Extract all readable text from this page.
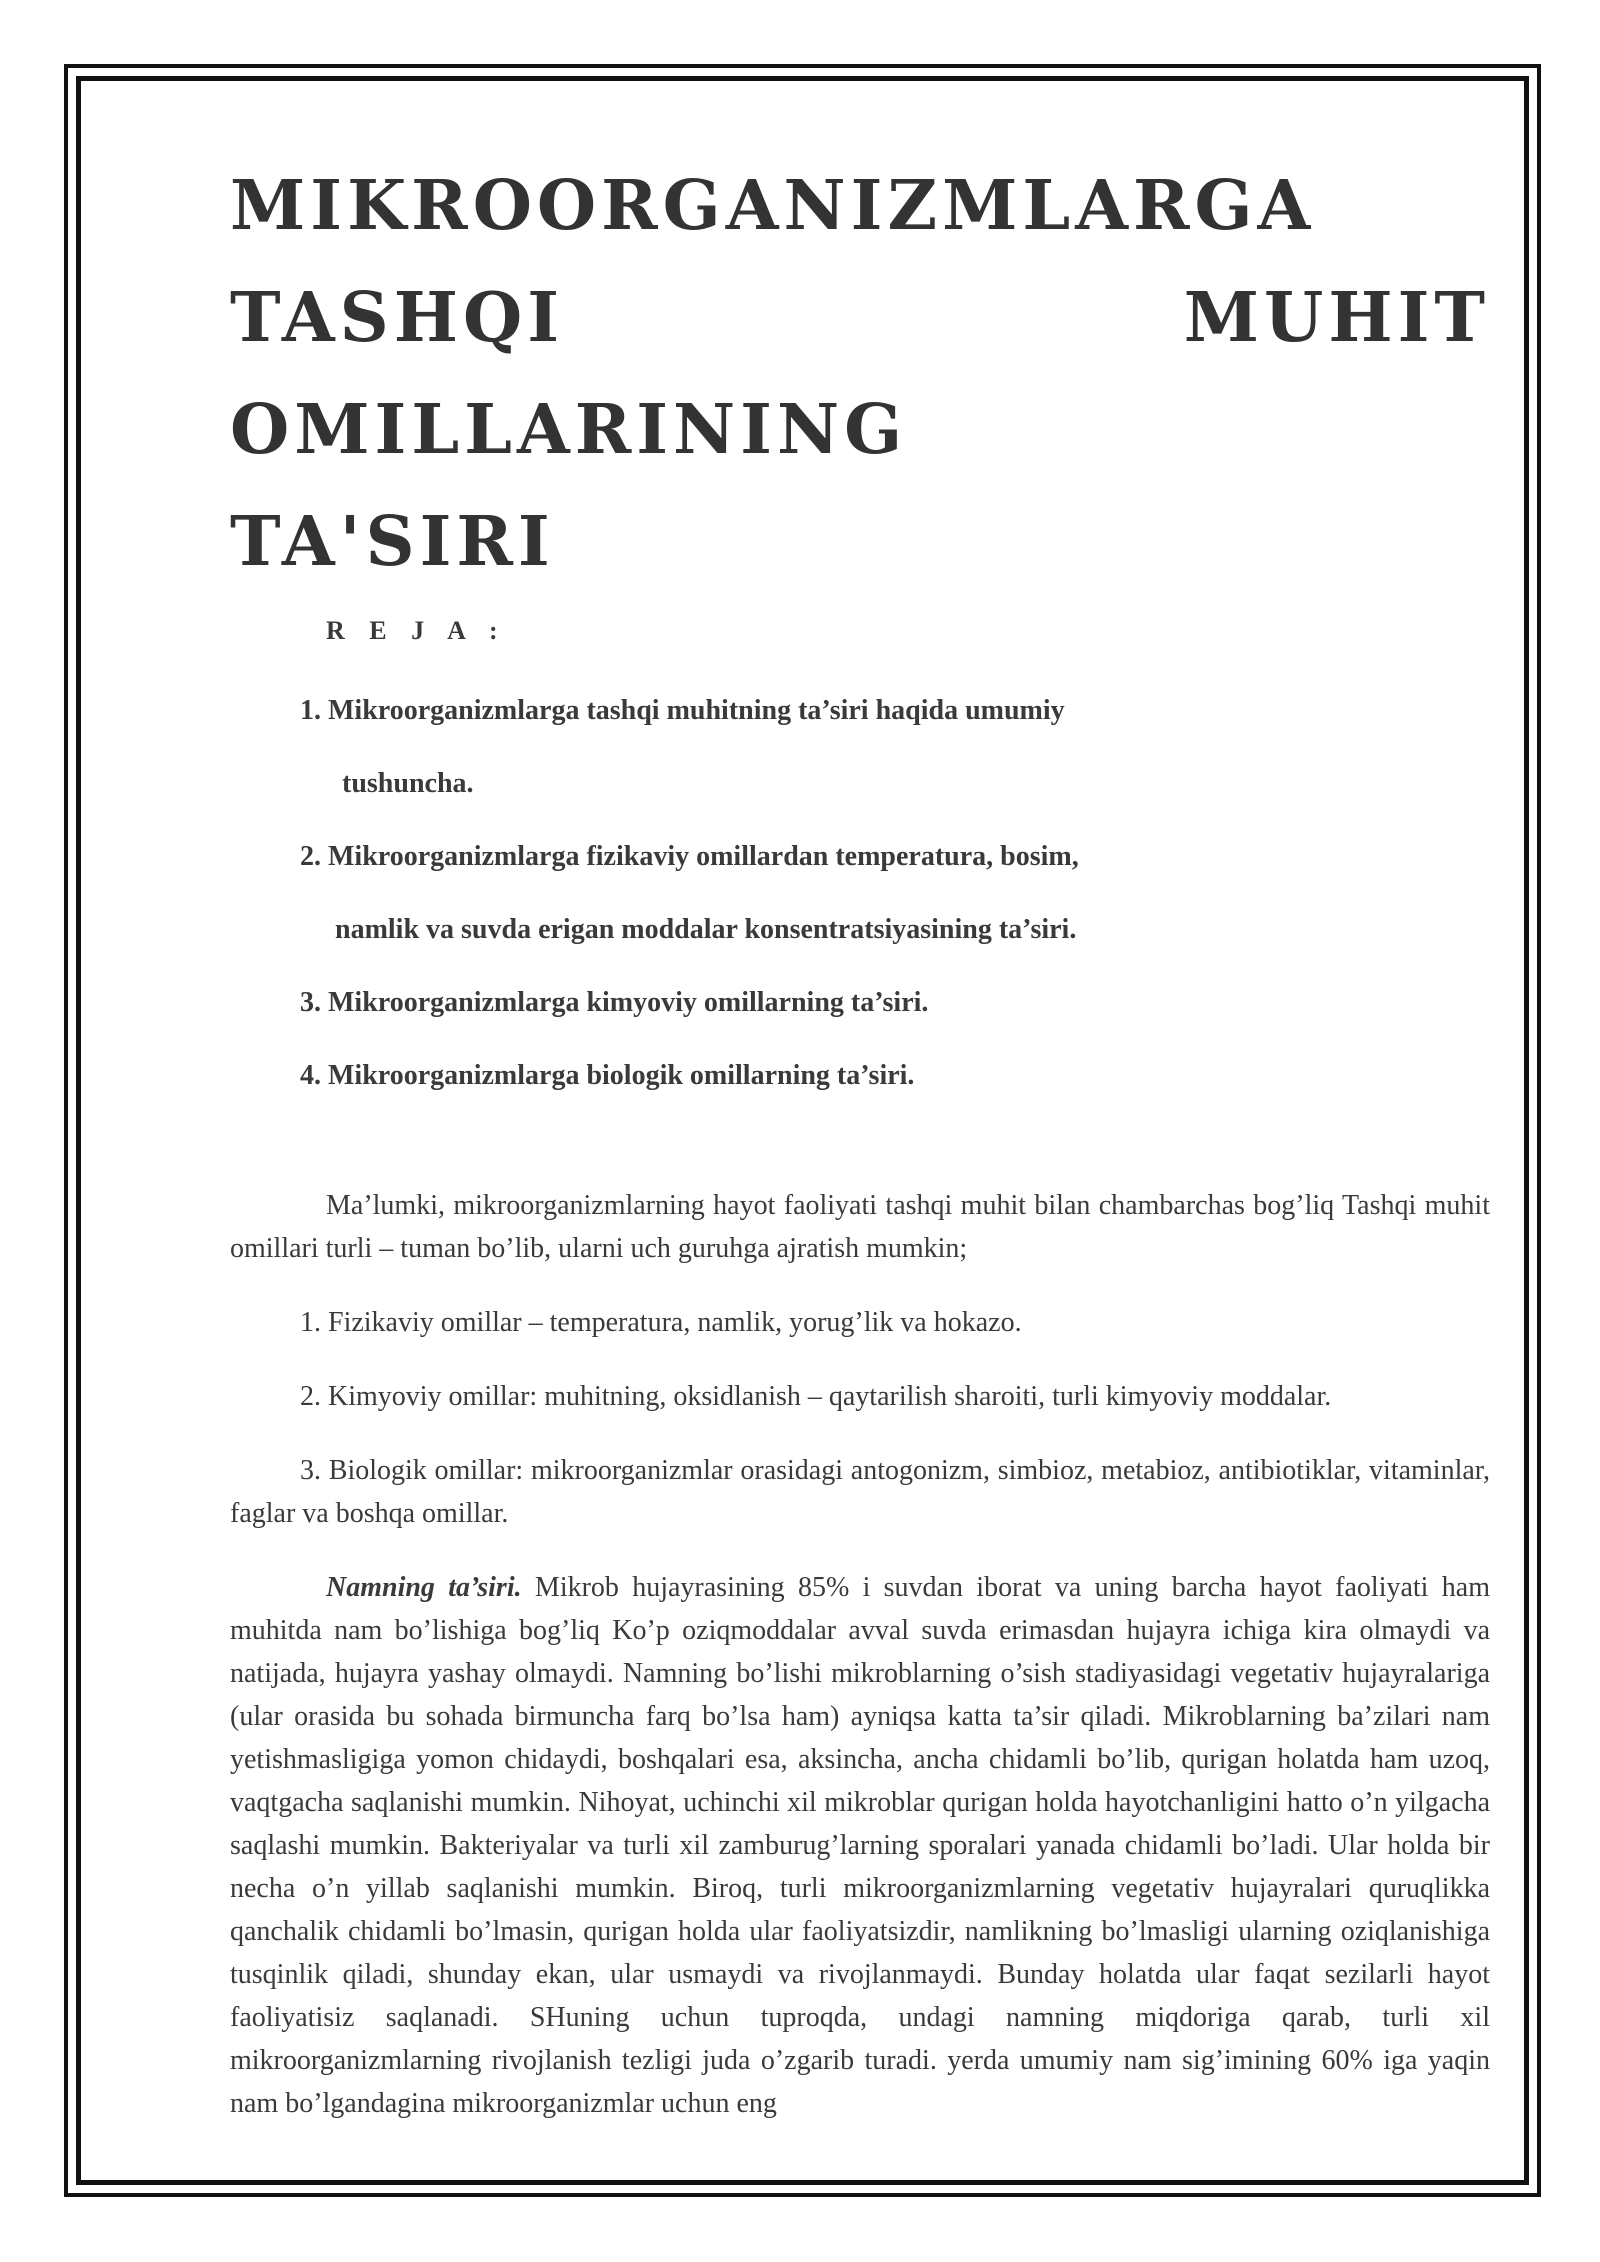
MIKROORGANIZMLARGA
TASHQI MUHIT OMILLARINING
TA'SIRI
R E J A :
1. Mikroorganizmlarga tashqi muhitning ta’siri haqida umumiy
tushuncha.
2. Mikroorganizmlarga fizikaviy omillardan temperatura, bosim,
namlik va suvda erigan moddalar konsentratsiyasining ta’siri.
3. Mikroorganizmlarga kimyoviy omillarning ta’siri.
4. Mikroorganizmlarga biologik omillarning ta’siri.

Ma’lumki, mikroorganizmlarning hayot faoliyati tashqi muhit bilan chambarchas bog’liq Tashqi muhit omillari turli – tuman bo’lib, ularni uch guruhga ajratish mumkin;

1. Fizikaviy omillar – temperatura, namlik, yorug’lik va hokazo.

2. Kimyoviy omillar: muhitning, oksidlanish – qaytarilish sharoiti, turli kimyoviy moddalar.

3. Biologik omillar: mikroorganizmlar orasidagi antogonizm, simbioz, metabioz, antibiotiklar, vitaminlar, faglar va boshqa omillar.

Namning ta’siri. Mikrob hujayrasining 85% i suvdan iborat va uning barcha hayot faoliyati ham muhitda nam bo’lishiga bog’liq Ko’p oziqmoddalar avval suvda erimasdan hujayra ichiga kira olmaydi va natijada, hujayra yashay olmaydi. Namning bo’lishi mikroblarning o’sish stadiyasidagi vegetativ hujayralariga (ular orasida bu sohada birmuncha farq bo’lsa ham) ayniqsa katta ta’sir qiladi. Mikroblarning ba’zilari nam yetishmasligiga yomon chidaydi, boshqalari esa, aksincha, ancha chidamli bo’lib, qurigan holatda ham uzoq, vaqtgacha saqlanishi mumkin. Nihoyat, uchinchi xil mikroblar qurigan holda hayotchanligini hatto o’n yilgacha saqlashi mumkin. Bakteriyalar va turli xil zamburug’larning sporalari yanada chidamli bo’ladi. Ular holda bir necha o’n yillab saqlanishi mumkin. Biroq, turli mikroorganizmlarning vegetativ hujayralari quruqlikka qanchalik chidamli bo’lmasin, qurigan holda ular faoliyatsizdir, namlikning bo’lmasligi ularning oziqlanishiga tusqinlik qiladi, shunday ekan, ular usmaydi va rivojlanmaydi. Bunday holatda ular faqat sezilarli hayot faoliyatisiz saqlanadi. SHuning uchun tuproqda, undagi namning miqdoriga qarab, turli xil mikroorganizmlarning rivojlanish tezligi juda o’zgarib turadi. yerda umumiy nam sig’imining 60% iga yaqin nam bo’lgandagina mikroorganizmlar uchun eng
